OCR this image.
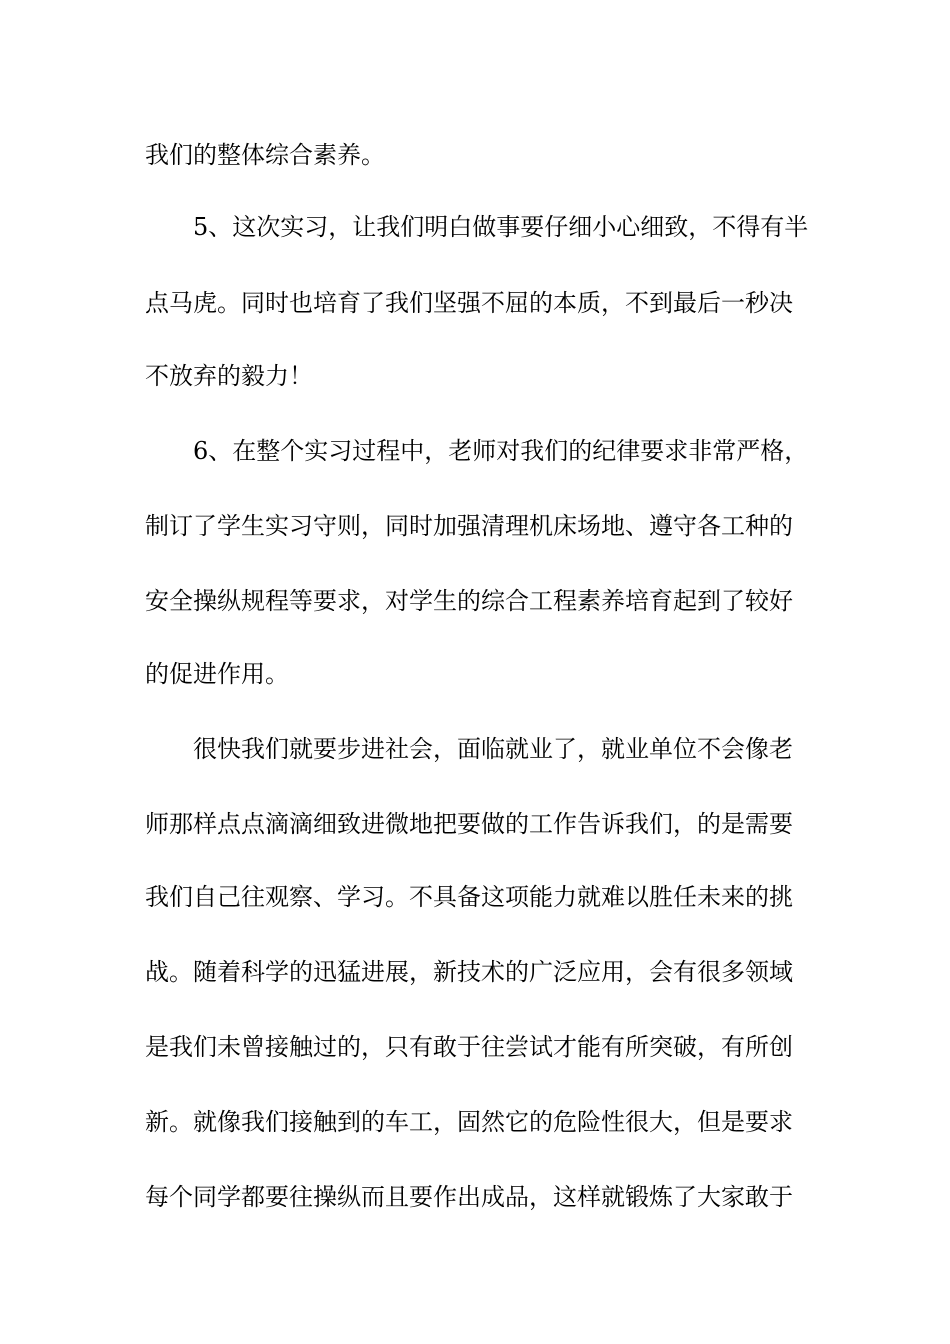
我们的整体综合素养。
5、这次实习，让我们明白做事要仔细小心细致，不得有半
点马虎。同时也培育了我们坚强不屈的本质，不到最后一秒决
不放弃的毅力！
6、在整个实习过程中，老师对我们的纪律要求非常严格，
制订了学生实习守则，同时加强清理机床场地、遵守各工种的
安全操纵规程等要求，对学生的综合工程素养培育起到了较好
的促进作用。
很快我们就要步进社会，面临就业了，就业单位不会像老
师那样点点滴滴细致进微地把要做的工作告诉我们，的是需要
我们自己往观察、学习。不具备这项能力就难以胜任未来的挑
战。随着科学的迅猛进展，新技术的广泛应用，会有很多领域
是我们未曾接触过的，只有敢于往尝试才能有所突破，有所创
新。就像我们接触到的车工，固然它的危险性很大，但是要求
每个同学都要往操纵而且要作出成品，这样就锻炼了大家敢于
